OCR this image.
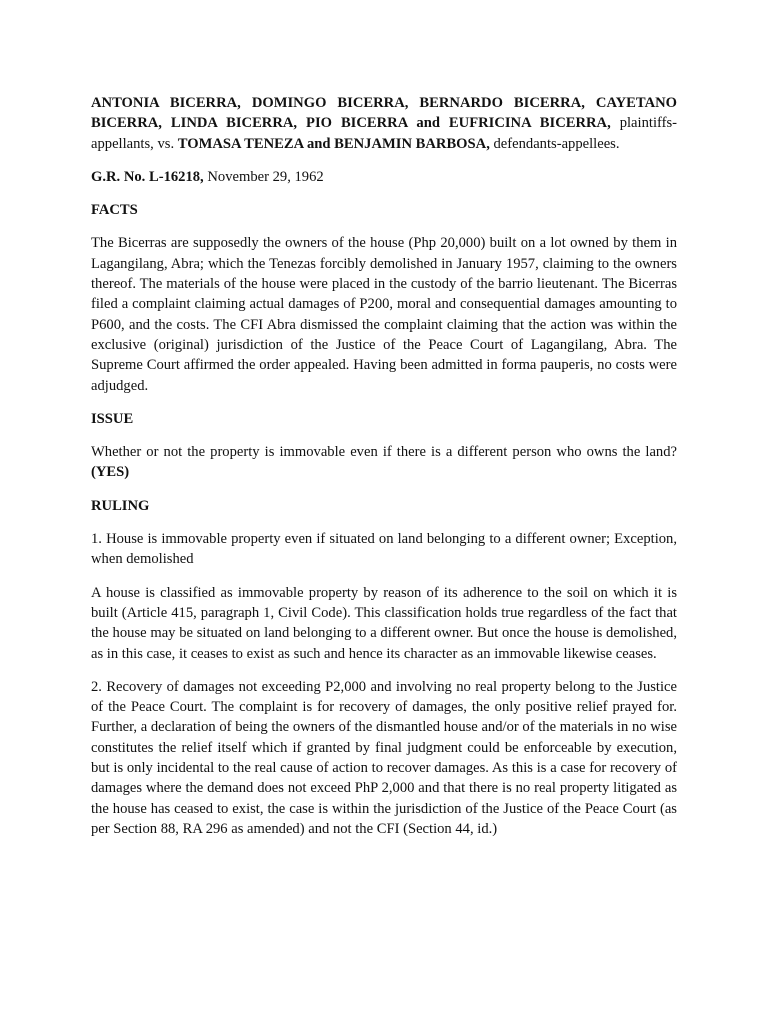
ANTONIA BICERRA, DOMINGO BICERRA, BERNARDO BICERRA, CAYETANO BICERRA, LINDA BICERRA, PIO BICERRA and EUFRICINA BICERRA, plaintiffs-appellants, vs. TOMASA TENEZA and BENJAMIN BARBOSA, defendants-appellees.

G.R. No. L-16218, November 29, 1962

FACTS

The Bicerras are supposedly the owners of the house (Php 20,000) built on a lot owned by them in Lagangilang, Abra; which the Tenezas forcibly demolished in January 1957, claiming to the owners thereof. The materials of the house were placed in the custody of the barrio lieutenant. The Bicerras filed a complaint claiming actual damages of P200, moral and consequential damages amounting to P600, and the costs. The CFI Abra dismissed the complaint claiming that the action was within the exclusive (original) jurisdiction of the Justice of the Peace Court of Lagangilang, Abra. The Supreme Court affirmed the order appealed. Having been admitted in forma pauperis, no costs were adjudged.

ISSUE

Whether or not the property is immovable even if there is a different person who owns the land? (YES)

RULING

1. House is immovable property even if situated on land belonging to a different owner; Exception, when demolished

A house is classified as immovable property by reason of its adherence to the soil on which it is built (Article 415, paragraph 1, Civil Code). This classification holds true regardless of the fact that the house may be situated on land belonging to a different owner. But once the house is demolished, as in this case, it ceases to exist as such and hence its character as an immovable likewise ceases.

2. Recovery of damages not exceeding P2,000 and involving no real property belong to the Justice of the Peace Court. The complaint is for recovery of damages, the only positive relief prayed for. Further, a declaration of being the owners of the dismantled house and/or of the materials in no wise constitutes the relief itself which if granted by final judgment could be enforceable by execution, but is only incidental to the real cause of action to recover damages. As this is a case for recovery of damages where the demand does not exceed PhP 2,000 and that there is no real property litigated as the house has ceased to exist, the case is within the jurisdiction of the Justice of the Peace Court (as per Section 88, RA 296 as amended) and not the CFI (Section 44, id.)
